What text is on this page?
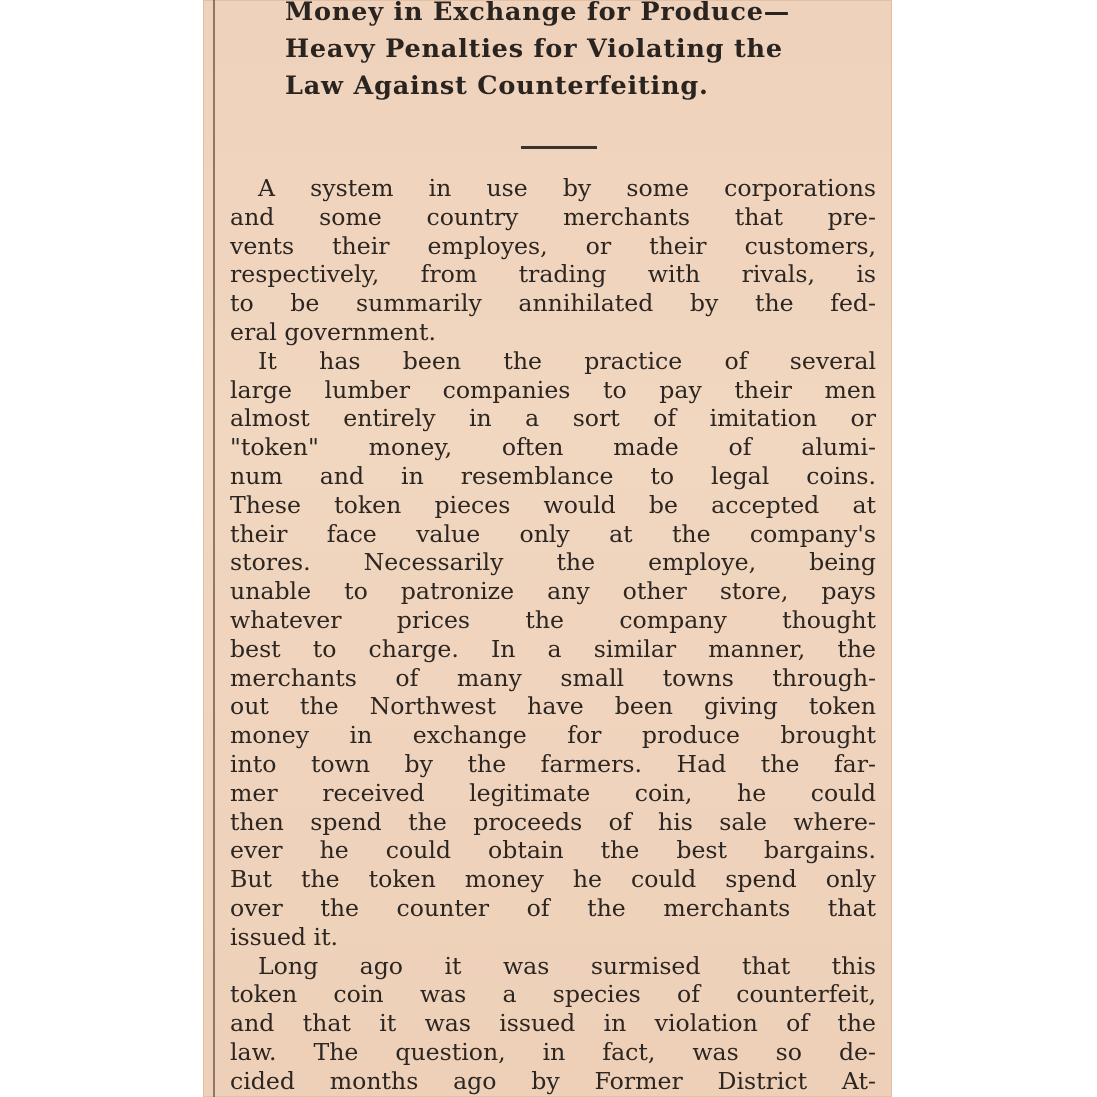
Money in Exchange for Produce—
Heavy Penalties for Violating the
Law Against Counterfeiting.
A system in use by some corporations
and some country merchants that pre-
vents their employes, or their customers,
respectively, from trading with rivals, is
to be summarily annihilated by the fed-
eral government.
It has been the practice of several
large lumber companies to pay their men
almost entirely in a sort of imitation or
"token" money, often made of alumi-
num and in resemblance to legal coins.
These token pieces would be accepted at
their face value only at the company's
stores. Necessarily the employe, being
unable to patronize any other store, pays
whatever prices the company thought
best to charge. In a similar manner, the
merchants of many small towns through-
out the Northwest have been giving token
money in exchange for produce brought
into town by the farmers. Had the far-
mer received legitimate coin, he could
then spend the proceeds of his sale where-
ever he could obtain the best bargains.
But the token money he could spend only
over the counter of the merchants that
issued it.
Long ago it was surmised that this
token coin was a species of counterfeit,
and that it was issued in violation of the
law. The question, in fact, was so de-
cided months ago by Former District At-
